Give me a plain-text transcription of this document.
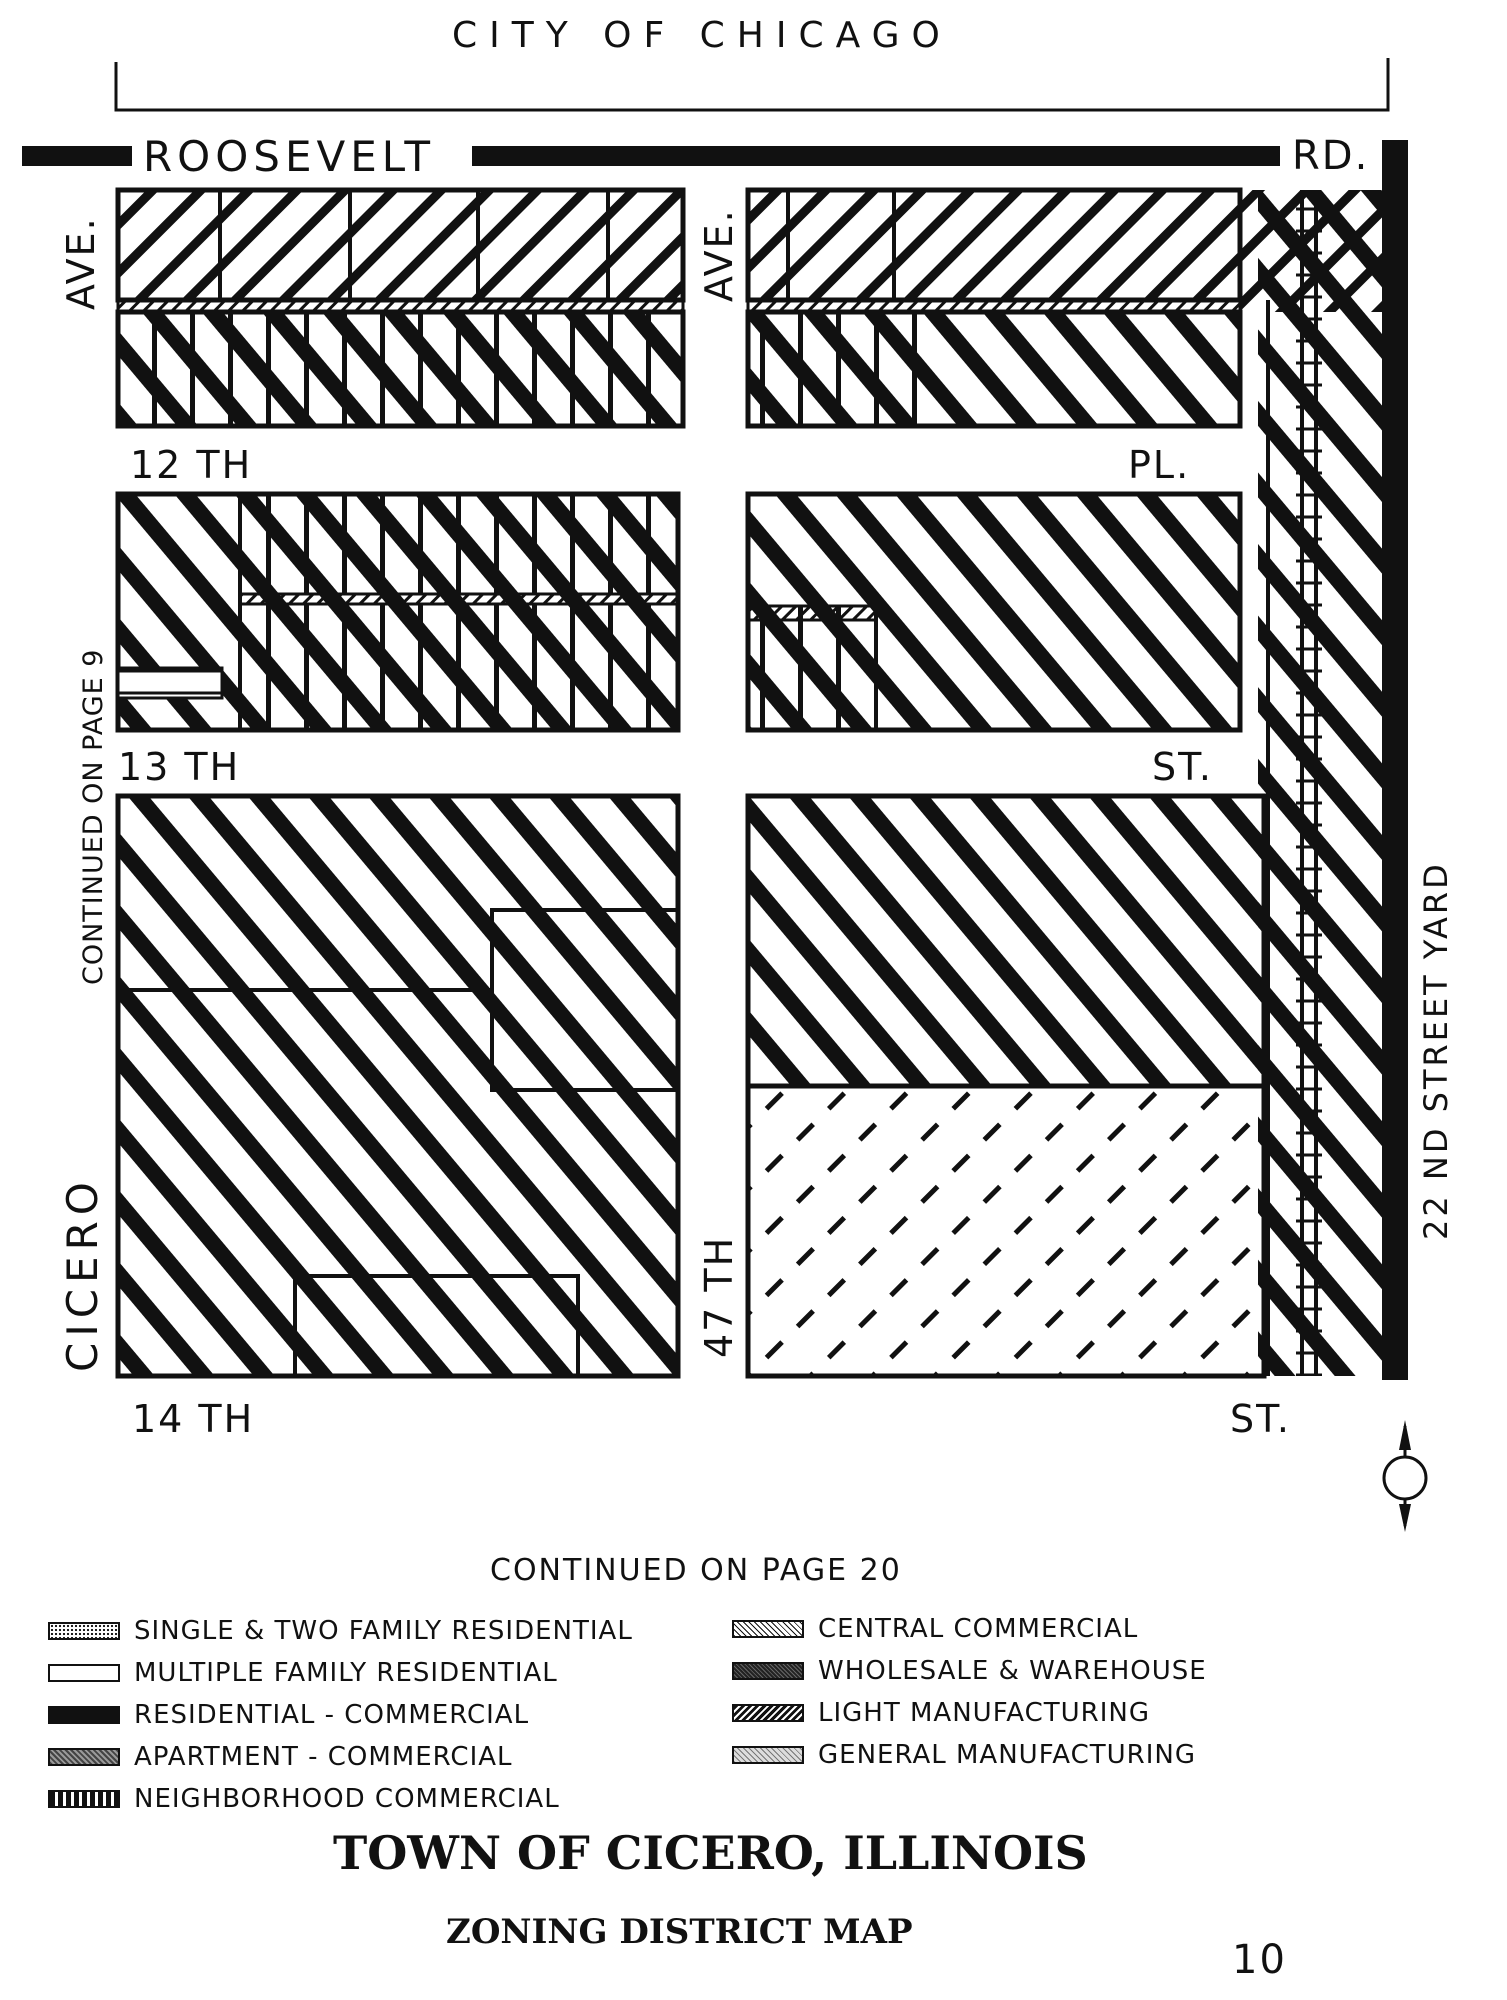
CITY OF CHICAGO
ROOSEVELT	RD.
AVE.	AVE.
12 TH	PL.
13 TH	ST.
14 TH	ST.
CICERO	47 TH
22 ND STREET YARD
CONTINUED ON PAGE 9
CONTINUED ON PAGE 20
SINGLE & TWO FAMILY RESIDENTIAL
MULTIPLE FAMILY RESIDENTIAL
RESIDENTIAL - COMMERCIAL
APARTMENT - COMMERCIAL
NEIGHBORHOOD COMMERCIAL
CENTRAL COMMERCIAL
WHOLESALE & WAREHOUSE
LIGHT MANUFACTURING
GENERAL MANUFACTURING
TOWN OF CICERO, ILLINOIS
ZONING DISTRICT MAP
10
